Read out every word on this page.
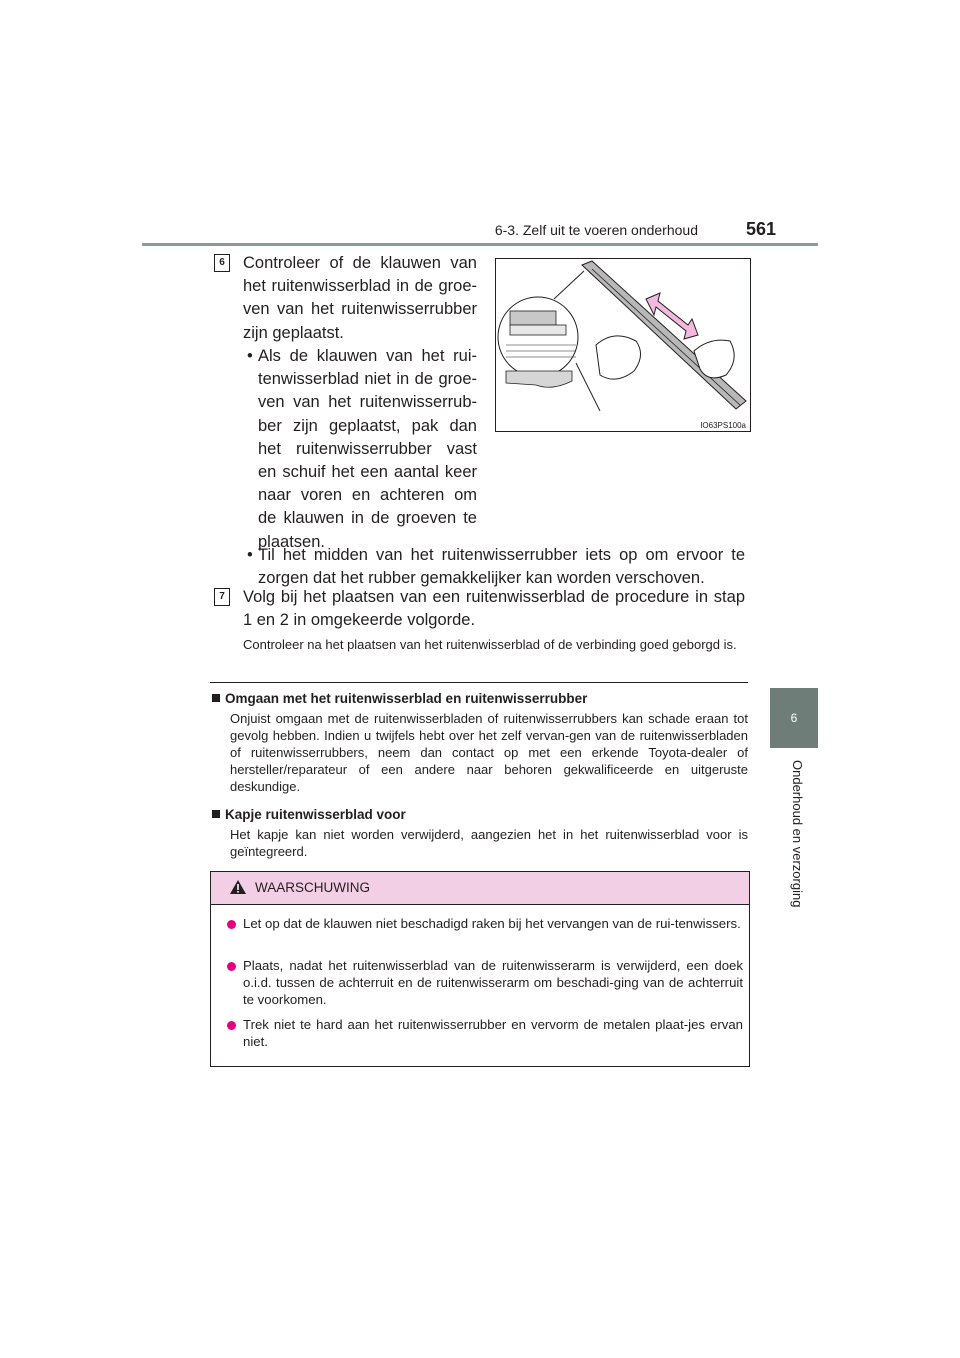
6-3. Zelf uit te voeren onderhoud	561
6
Onderhoud en verzorging
6	Controleer of de klauwen van het ruitenwisserblad in de groe-ven van het ruitenwisserrubber zijn geplaatst.
• Als de klauwen van het rui-tenwisserblad niet in de groe-ven van het ruitenwisserrub-ber zijn geplaatst, pak dan het ruitenwisserrubber vast en schuif het een aantal keer naar voren en achteren om de klauwen in de groeven te plaatsen.
• Til het midden van het ruitenwisserrubber iets op om ervoor te zorgen dat het rubber gemakkelijker kan worden verschoven.
IO63PS100a
7	Volg bij het plaatsen van een ruitenwisserblad de procedure in stap 1 en 2 in omgekeerde volgorde.
Controleer na het plaatsen van het ruitenwisserblad of de verbinding goed geborgd is.
Omgaan met het ruitenwisserblad en ruitenwisserrubber
Onjuist omgaan met de ruitenwisserbladen of ruitenwisserrubbers kan schade eraan tot gevolg hebben. Indien u twijfels hebt over het zelf vervan-gen van de ruitenwisserbladen of ruitenwisserrubbers, neem dan contact op met een erkende Toyota-dealer of hersteller/reparateur of een andere naar behoren gekwalificeerde en uitgeruste deskundige.
Kapje ruitenwisserblad voor
Het kapje kan niet worden verwijderd, aangezien het in het ruitenwisserblad voor is geïntegreerd.
WAARSCHUWING
Let op dat de klauwen niet beschadigd raken bij het vervangen van de rui-tenwissers.
Plaats, nadat het ruitenwisserblad van de ruitenwisserarm is verwijderd, een doek o.i.d. tussen de achterruit en de ruitenwisserarm om beschadi-ging van de achterruit te voorkomen.
Trek niet te hard aan het ruitenwisserrubber en vervorm de metalen plaat-jes ervan niet.
